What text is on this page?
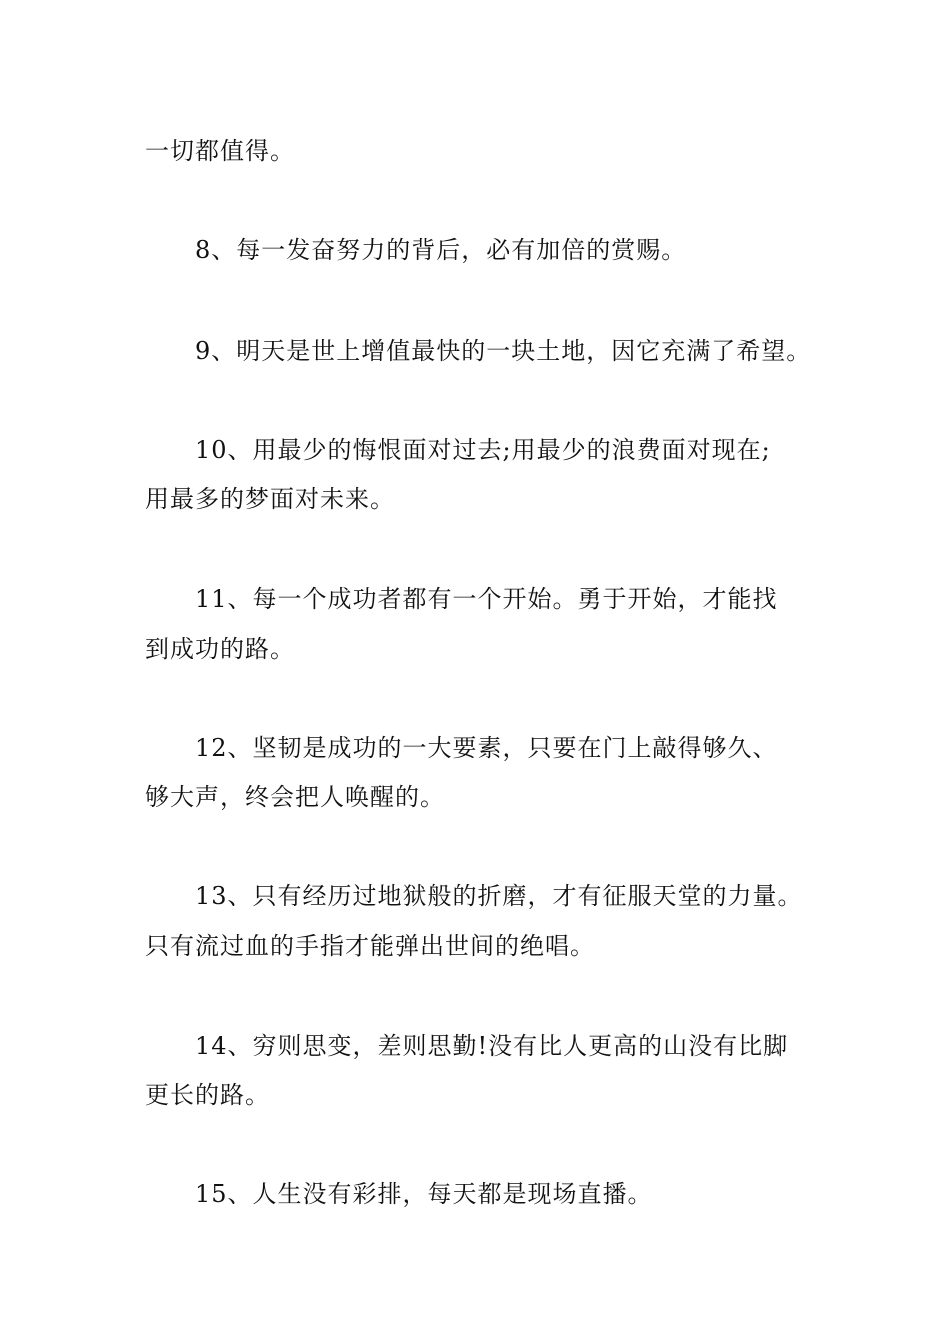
一切都值得。
8、每一发奋努力的背后，必有加倍的赏赐。
9、明天是世上增值最快的一块土地，因它充满了希望。
10、用最少的悔恨面对过去;用最少的浪费面对现在;
用最多的梦面对未来。
11、每一个成功者都有一个开始。勇于开始，才能找
到成功的路。
12、坚韧是成功的一大要素，只要在门上敲得够久、
够大声，终会把人唤醒的。
13、只有经历过地狱般的折磨，才有征服天堂的力量。
只有流过血的手指才能弹出世间的绝唱。
14、穷则思变，差则思勤!没有比人更高的山没有比脚
更长的路。
15、人生没有彩排，每天都是现场直播。
